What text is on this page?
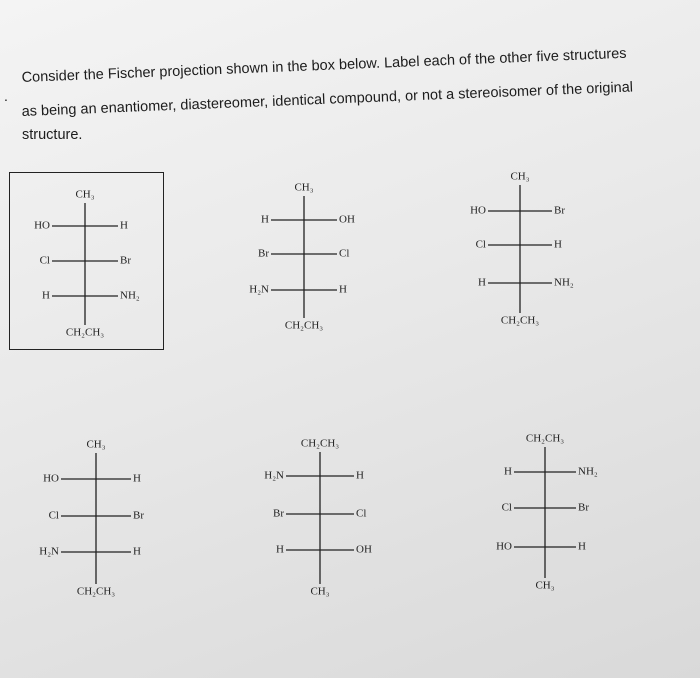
.
Consider the Fischer projection shown in the box below. Label each of the other five structures
as being an enantiomer, diastereomer, identical compound, or not a stereoisomer of the original
structure.
CH₃
CH₂CH₃
HO	H
Cl	Br
H	NH₂
CH₃
CH₂CH₃
H	OH
Br	Cl
H₂N	H
CH₃
CH₂CH₃
HO	Br
Cl	H
H	NH₂
CH₃
CH₂CH₃
HO	H
Cl	Br
H₂N	H
CH₂CH₃
CH₃
H₂N	H
Br	Cl
H	OH
CH₂CH₃
CH₃
H	NH₂
Cl	Br
HO	H
